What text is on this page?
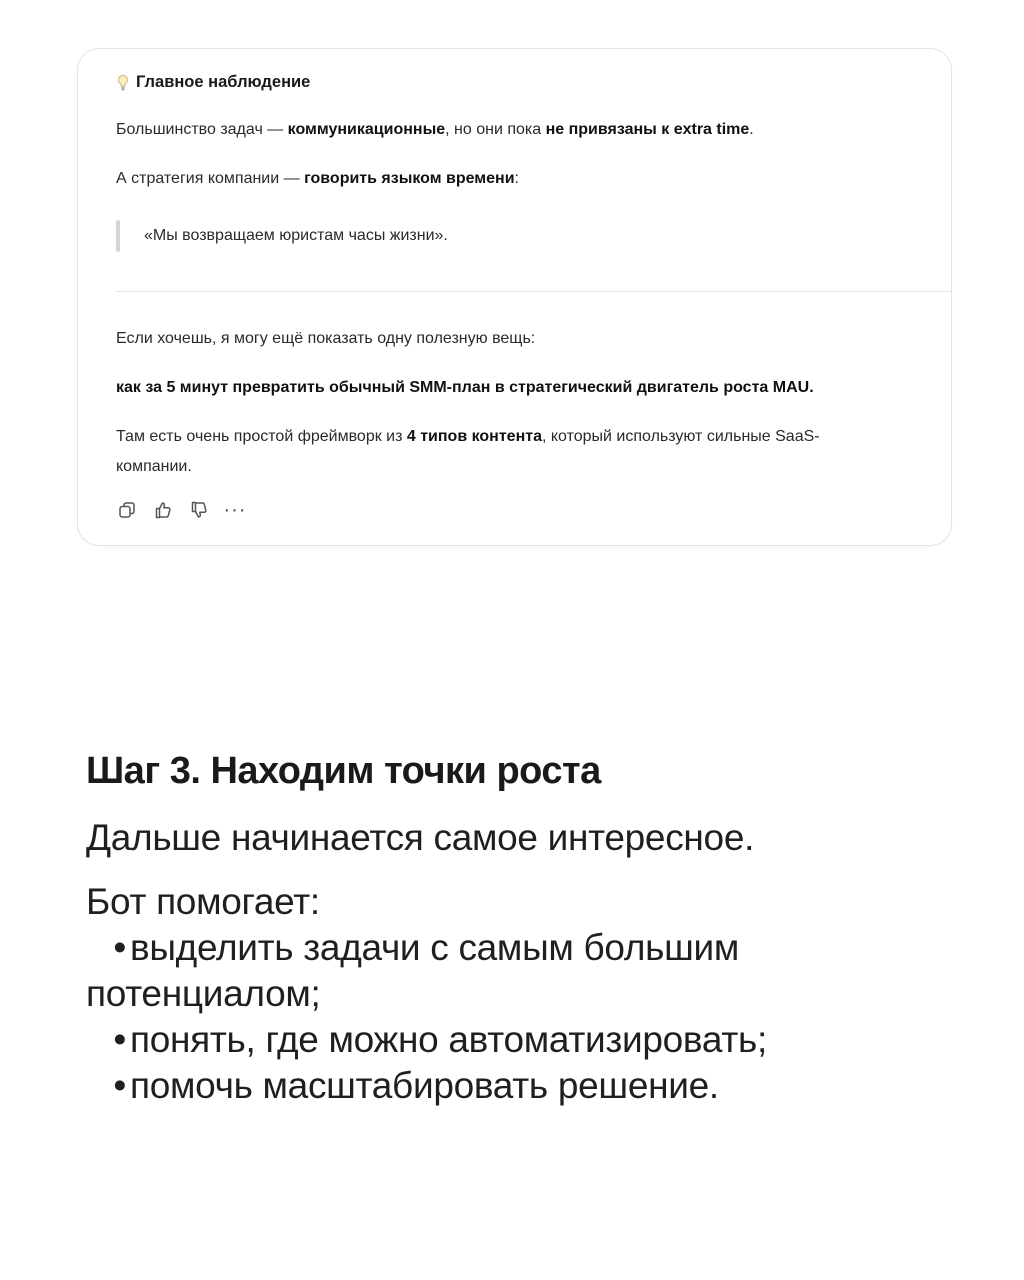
Главное наблюдение
Большинство задач — коммуникационные, но они пока не привязаны к extra time.
А стратегия компании — говорить языком времени:
«Мы возвращаем юристам часы жизни».
Если хочешь, я могу ещё показать одну полезную вещь:
как за 5 минут превратить обычный SMM-план в стратегический двигатель роста MAU.
Там есть очень простой фреймворк из 4 типов контента, который используют сильные SaaS-
компании.
···
Шаг 3. Находим точки роста
Дальше начинается самое интересное.
Бот помогает:
• выделить задачи с самым большим
потенциалом;
• понять, где можно автоматизировать;
• помочь масштабировать решение.
